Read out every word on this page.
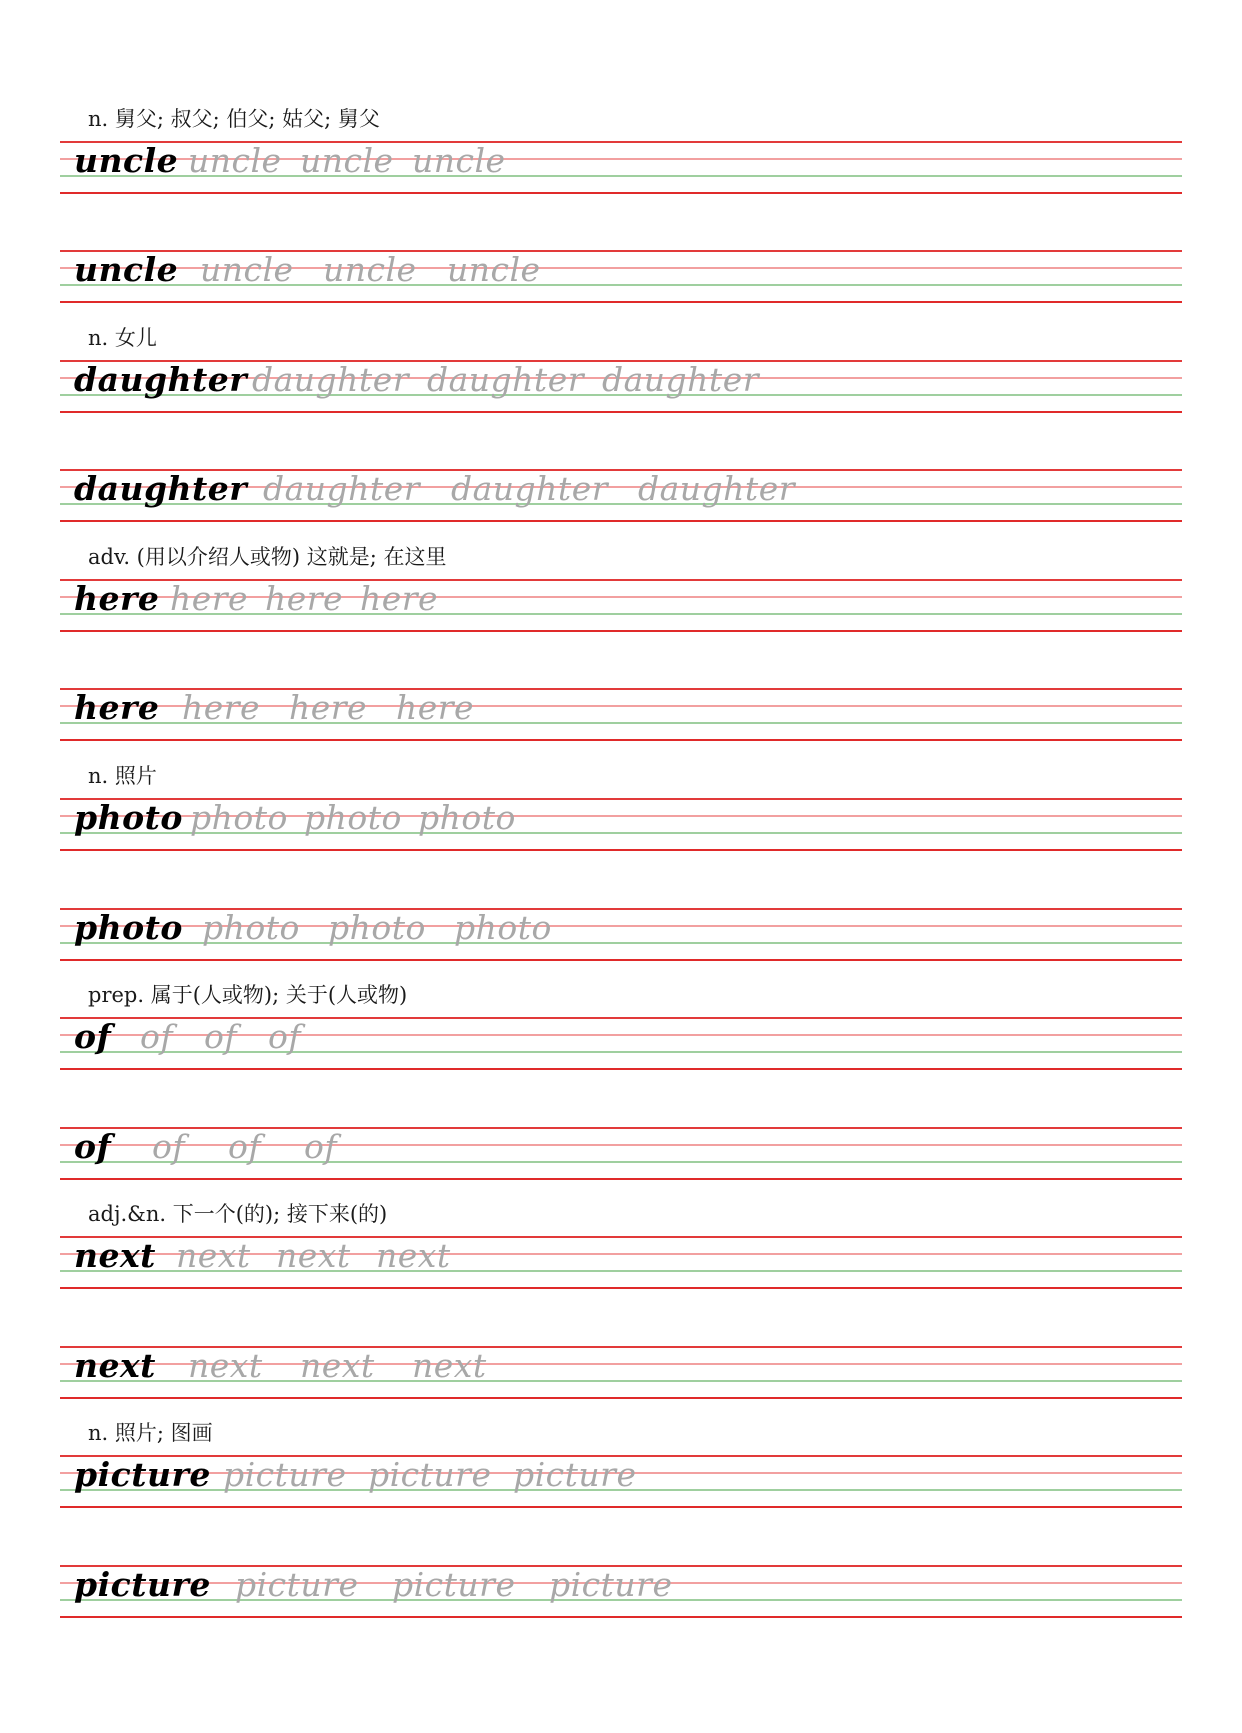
n. 舅父; 叔父; 伯父; 姑父; 舅父
uncle uncle uncle uncle
uncle uncle uncle uncle
n. 女儿
daughter daughter daughter daughter
daughter daughter daughter daughter
adv. (用以介绍人或物) 这就是; 在这里
here here here here
here here here here
n. 照片
photo photo photo photo
photo photo photo photo
prep. 属于(人或物); 关于(人或物)
of of of of
of of of of
adj.&n. 下一个(的); 接下来(的)
next next next next
next next next next
n. 照片; 图画
picture picture picture picture
picture picture picture picture
